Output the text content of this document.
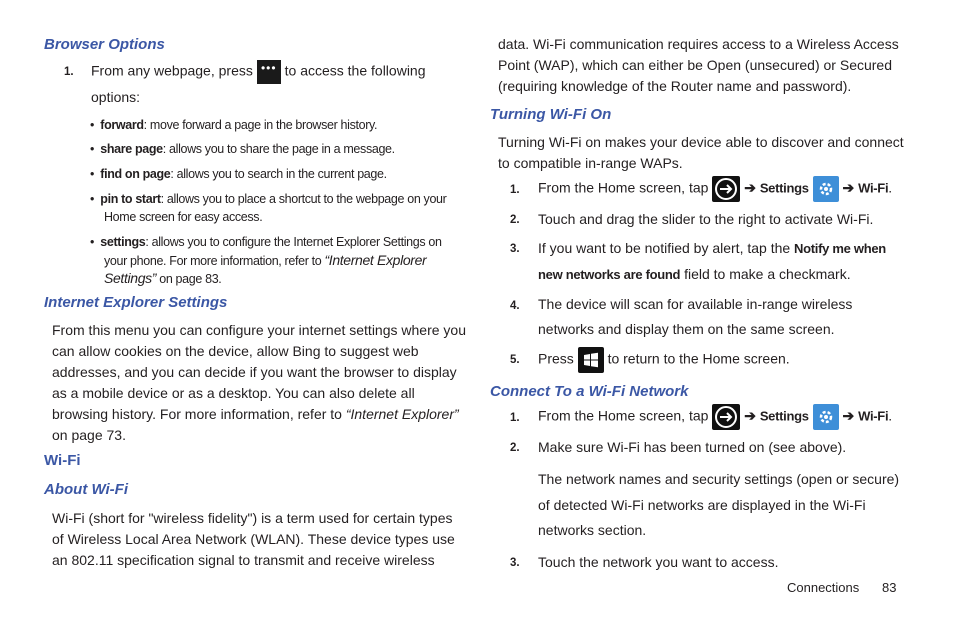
Browser Options
1. From any webpage, press ••• to access the following
options:
•  forward: move forward a page in the browser history.
•  share page: allows you to share the page in a message.
•  find on page: allows you to search in the current page.
•  pin to start: allows you to place a shortcut to the webpage on your
Home screen for easy access.
•  settings: allows you to configure the Internet Explorer Settings on
your phone. For more information, refer to “Internet Explorer
Settings” on page 83.
Internet Explorer Settings
From this menu you can configure your internet settings where you
can allow cookies on the device, allow Bing to suggest web
addresses, and you can decide if you want the browser to display
as a mobile device or as a desktop. You can also delete all
browsing history. For more information, refer to “Internet Explorer”
on page 73.
Wi-Fi
About Wi-Fi
Wi-Fi (short for "wireless fidelity") is a term used for certain types
of Wireless Local Area Network (WLAN). These device types use
an 802.11 specification signal to transmit and receive wireless
data. Wi-Fi communication requires access to a Wireless Access
Point (WAP), which can either be Open (unsecured) or Secured
(requiring knowledge of the Router name and password).
Turning Wi-Fi On
Turning Wi-Fi on makes your device able to discover and connect
to compatible in-range WAPs.
1. From the Home screen, tap	➔ Settings ➔ Wi-Fi.
2. Touch and drag the slider to the right to activate Wi-Fi.
3. If you want to be notified by alert, tap the Notify me when
new networks are found field to make a checkmark.
4. The device will scan for available in-range wireless
networks and display them on the same screen.
5. Press to return to the Home screen.
Connect To a Wi-Fi Network
1. From the Home screen, tap	➔ Settings ➔ Wi-Fi.
2. Make sure Wi-Fi has been turned on (see above).
The network names and security settings (open or secure)
of detected Wi-Fi networks are displayed in the Wi-Fi
networks section.
3. Touch the network you want to access.
Connections 83
